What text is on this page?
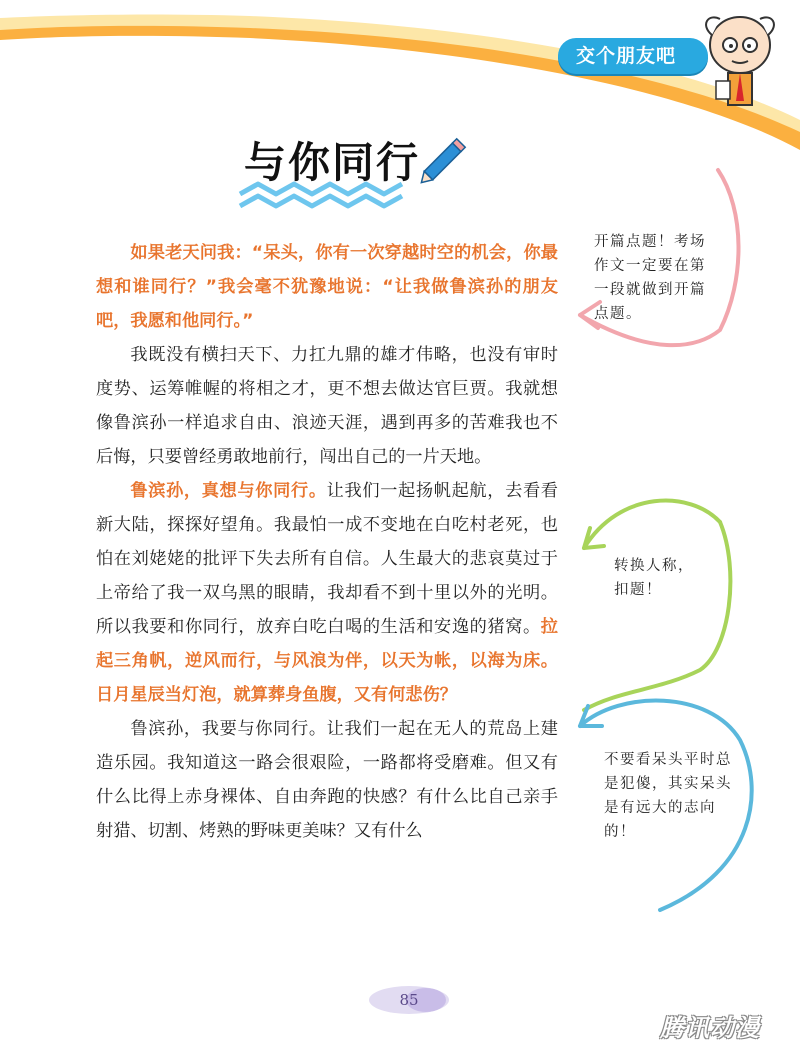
交个朋友吧
与你同行

如果老天问我：“呆头，你有一次穿越时空的机会，你最想和谁同行？”我会毫不犹豫地说：“让我做鲁滨孙的朋友吧，我愿和他同行。”

我既没有横扫天下、力扛九鼎的雄才伟略，也没有审时度势、运筹帷幄的将相之才，更不想去做达官巨贾。我就想像鲁滨孙一样追求自由、浪迹天涯，遇到再多的苦难我也不后悔，只要曾经勇敢地前行，闯出自己的一片天地。

鲁滨孙，真想与你同行。让我们一起扬帆起航，去看看新大陆，探探好望角。我最怕一成不变地在白吃村老死，也怕在刘姥姥的批评下失去所有自信。人生最大的悲哀莫过于上帝给了我一双乌黑的眼睛，我却看不到十里以外的光明。所以我要和你同行，放弃白吃白喝的生活和安逸的猪窝。拉起三角帆，逆风而行，与风浪为伴，以天为帐，以海为床。日月星辰当灯泡，就算葬身鱼腹，又有何悲伤？

鲁滨孙，我要与你同行。让我们一起在无人的荒岛上建造乐园。我知道这一路会很艰险，一路都将受磨难。但又有什么比得上赤身裸体、自由奔跑的快感？有什么比自己亲手射猎、切割、烤熟的野味更美味？又有什么

开篇点题！考场作文一定要在第一段就做到开篇点题。
转换人称，扣题！
不要看呆头平时总是犯傻，其实呆头是有远大的志向的！
85
腾讯动漫
